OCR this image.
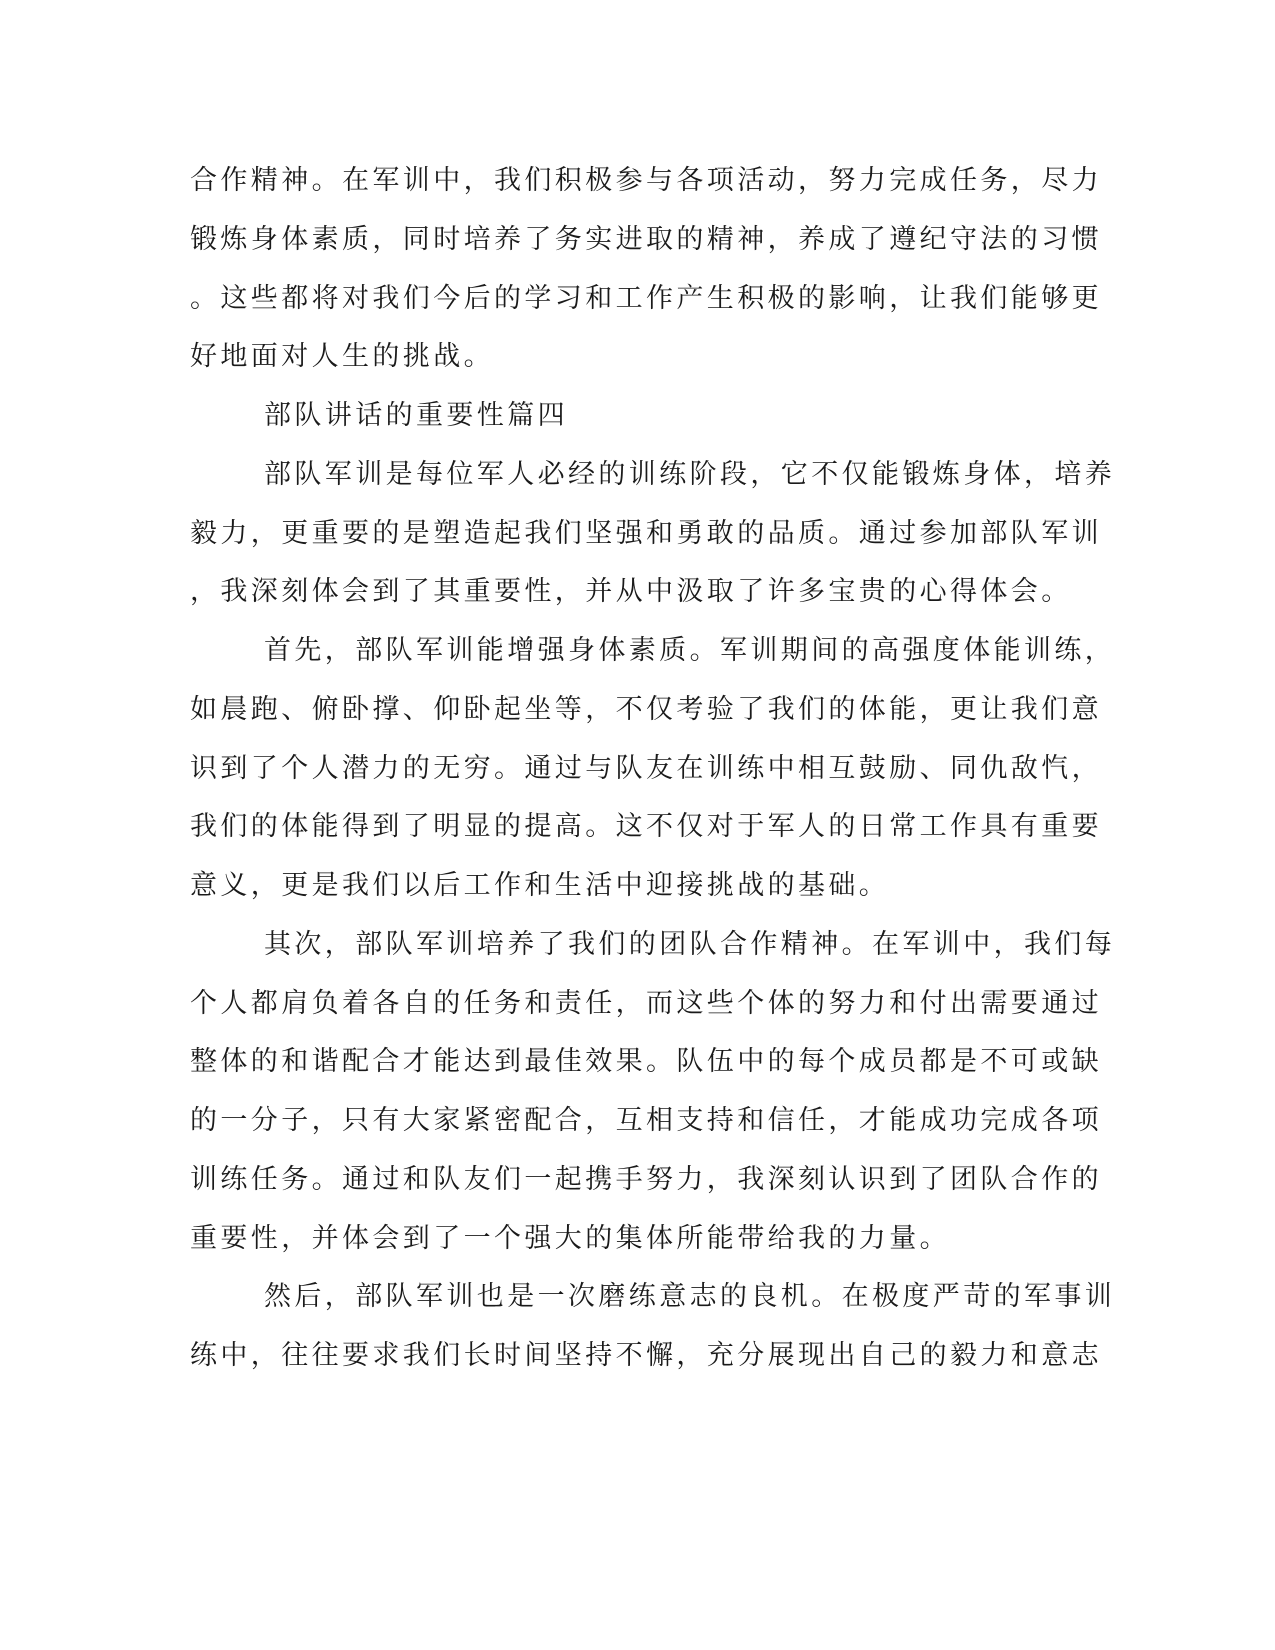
合作精神。在军训中，我们积极参与各项活动，努力完成任务，尽力
锻炼身体素质，同时培养了务实进取的精神，养成了遵纪守法的习惯
。这些都将对我们今后的学习和工作产生积极的影响，让我们能够更
好地面对人生的挑战。
部队讲话的重要性篇四
部队军训是每位军人必经的训练阶段，它不仅能锻炼身体，培养
毅力，更重要的是塑造起我们坚强和勇敢的品质。通过参加部队军训
，我深刻体会到了其重要性，并从中汲取了许多宝贵的心得体会。
首先，部队军训能增强身体素质。军训期间的高强度体能训练，
如晨跑、俯卧撑、仰卧起坐等，不仅考验了我们的体能，更让我们意
识到了个人潜力的无穷。通过与队友在训练中相互鼓励、同仇敌忾，
我们的体能得到了明显的提高。这不仅对于军人的日常工作具有重要
意义，更是我们以后工作和生活中迎接挑战的基础。
其次，部队军训培养了我们的团队合作精神。在军训中，我们每
个人都肩负着各自的任务和责任，而这些个体的努力和付出需要通过
整体的和谐配合才能达到最佳效果。队伍中的每个成员都是不可或缺
的一分子，只有大家紧密配合，互相支持和信任，才能成功完成各项
训练任务。通过和队友们一起携手努力，我深刻认识到了团队合作的
重要性，并体会到了一个强大的集体所能带给我的力量。
然后，部队军训也是一次磨练意志的良机。在极度严苛的军事训
练中，往往要求我们长时间坚持不懈，充分展现出自己的毅力和意志
